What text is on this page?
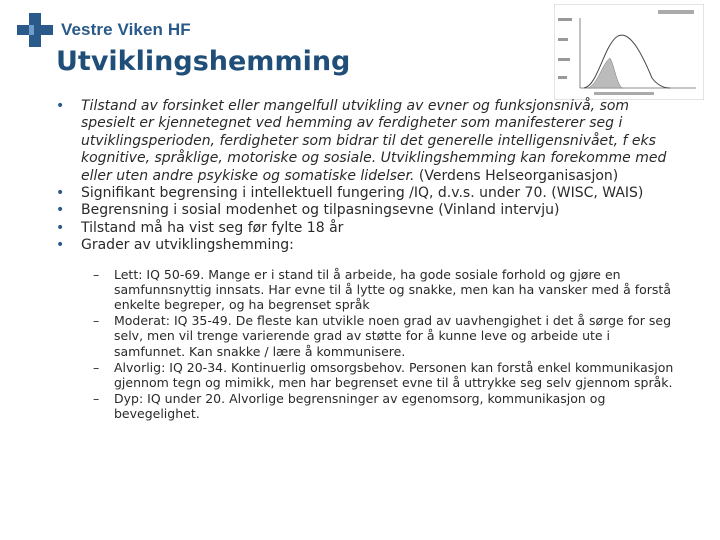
Vestre Viken HF
Utviklingshemming
• Tilstand av forsinket eller mangelfull utvikling av evner og funksjonsnivå, som spesielt er kjennetegnet ved hemming av ferdigheter som manifesterer seg i utviklingsperioden, ferdigheter som bidrar til det generelle intelligensnivået, f eks kognitive, språklige, motoriske og sosiale. Utviklingshemming kan forekomme med eller uten andre psykiske og somatiske lidelser. (Verdens Helseorganisasjon)
• Signifikant begrensing i intellektuell fungering /IQ, d.v.s. under 70. (WISC, WAIS)
• Begrensning i sosial modenhet og tilpasningsevne (Vinland intervju)
• Tilstand må ha vist seg før fylte 18 år
• Grader av utviklingshemming:
– Lett: IQ 50-69. Mange er i stand til å arbeide, ha gode sosiale forhold og gjøre en samfunnsnyttig innsats. Har evne til å lytte og snakke, men kan ha vansker med å forstå enkelte begreper, og ha begrenset språk
– Moderat: IQ 35-49. De fleste kan utvikle noen grad av uavhengighet i det å sørge for seg selv, men vil trenge varierende grad av støtte for å kunne leve og arbeide ute i samfunnet. Kan snakke / lære å kommunisere.
– Alvorlig: IQ 20-34. Kontinuerlig omsorgsbehov. Personen kan forstå enkel kommunikasjon gjennom tegn og mimikk, men har begrenset evne til å uttrykke seg selv gjennom språk.
– Dyp: IQ under 20. Alvorlige begrensninger av egenomsorg, kommunikasjon og bevegelighet.
